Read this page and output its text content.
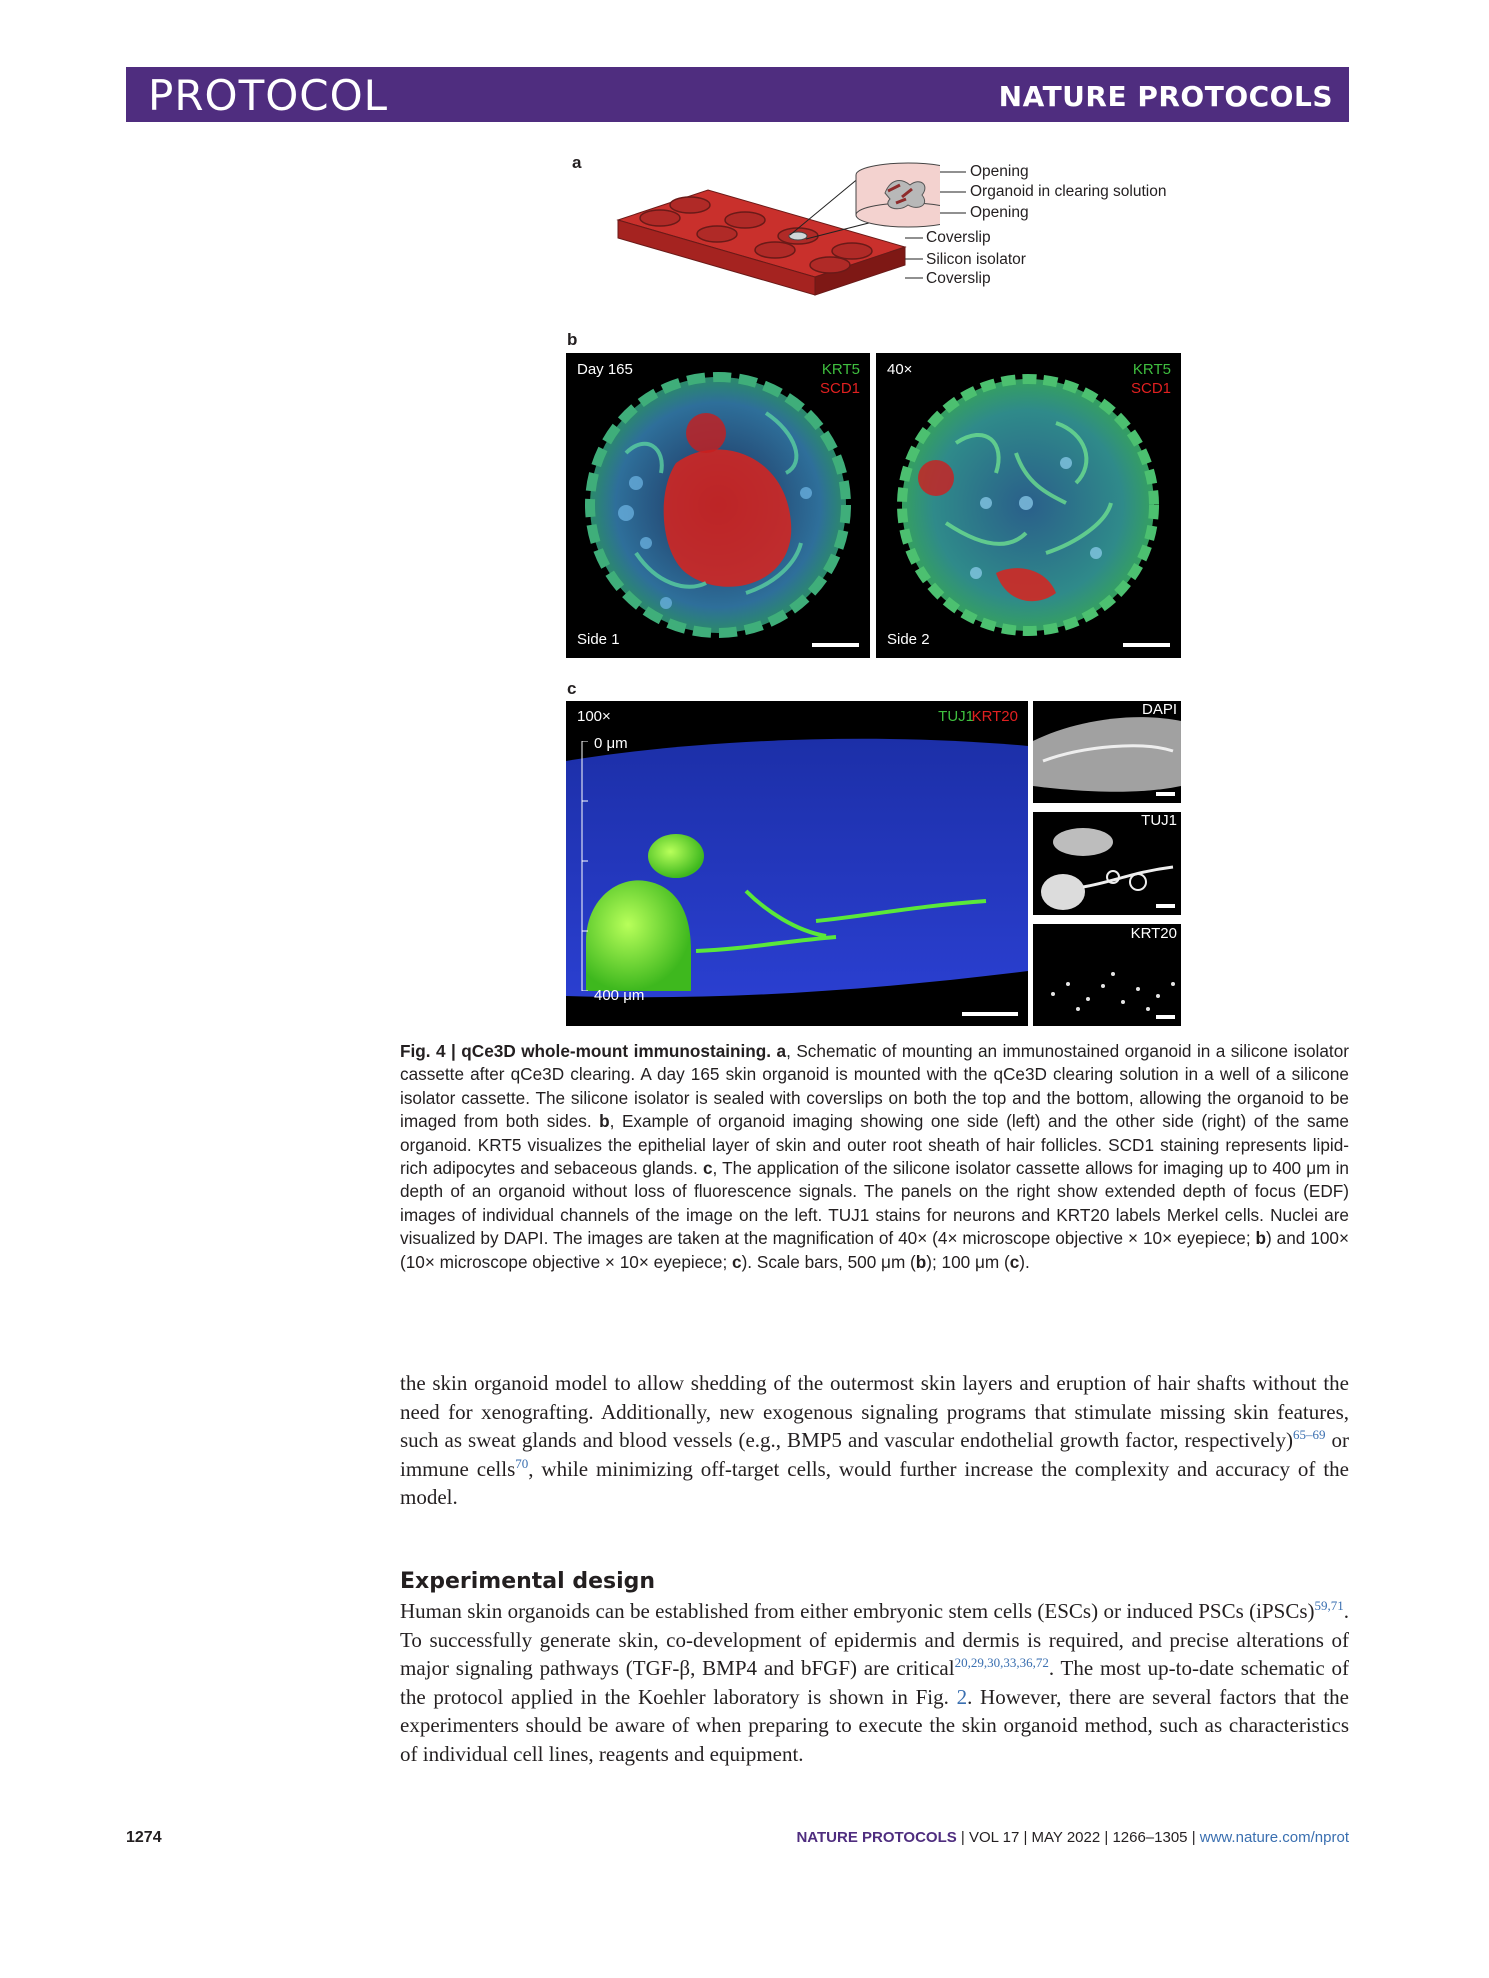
PROTOCOL	NATURE PROTOCOLS
a	Opening
Organoid in clearing solution
Opening
Coverslip
Silicon isolator
Coverslip
b
Day 165	KRT5
SCD1
Side 1
40×	KRT5
SCD1
Side 2
c
100×	TUJ1
KRT20
0 μm
400 μm
DAPI
TUJ1
KRT20
Fig. 4 | qCe3D whole-mount immunostaining. a, Schematic of mounting an immunostained organoid in a silicone isolator cassette after qCe3D clearing. A day 165 skin organoid is mounted with the qCe3D clearing solution in a well of a silicone isolator cassette. The silicone isolator is sealed with coverslips on both the top and the bottom, allowing the organoid to be imaged from both sides. b, Example of organoid imaging showing one side (left) and the other side (right) of the same organoid. KRT5 visualizes the epithelial layer of skin and outer root sheath of hair follicles. SCD1 staining represents lipid-rich adipocytes and sebaceous glands. c, The application of the silicone isolator cassette allows for imaging up to 400 μm in depth of an organoid without loss of fluorescence signals. The panels on the right show extended depth of focus (EDF) images of individual channels of the image on the left. TUJ1 stains for neurons and KRT20 labels Merkel cells. Nuclei are visualized by DAPI. The images are taken at the magnification of 40× (4× microscope objective × 10× eyepiece; b) and 100× (10× microscope objective × 10× eyepiece; c). Scale bars, 500 μm (b); 100 μm (c).
the skin organoid model to allow shedding of the outermost skin layers and eruption of hair shafts without the need for xenografting. Additionally, new exogenous signaling programs that stimulate missing skin features, such as sweat glands and blood vessels (e.g., BMP5 and vascular endothelial growth factor, respectively)$^{65-69}$ or immune cells$^{70}$, while minimizing off-target cells, would further increase the complexity and accuracy of the model.
Experimental design
Human skin organoids can be established from either embryonic stem cells (ESCs) or induced PSCs (iPSCs)$^{59,71}$. To successfully generate skin, co-development of epidermis and dermis is required, and precise alterations of major signaling pathways (TGF-β, BMP4 and bFGF) are critical$^{20,29,30,33,36,72}$. The most up-to-date schematic of the protocol applied in the Koehler laboratory is shown in Fig. 2. However, there are several factors that the experimenters should be aware of when preparing to execute the skin organoid method, such as characteristics of individual cell lines, reagents and equipment.
1274	NATURE PROTOCOLS | VOL 17 | MAY 2022 | 1266–1305 | www.nature.com/nprot
